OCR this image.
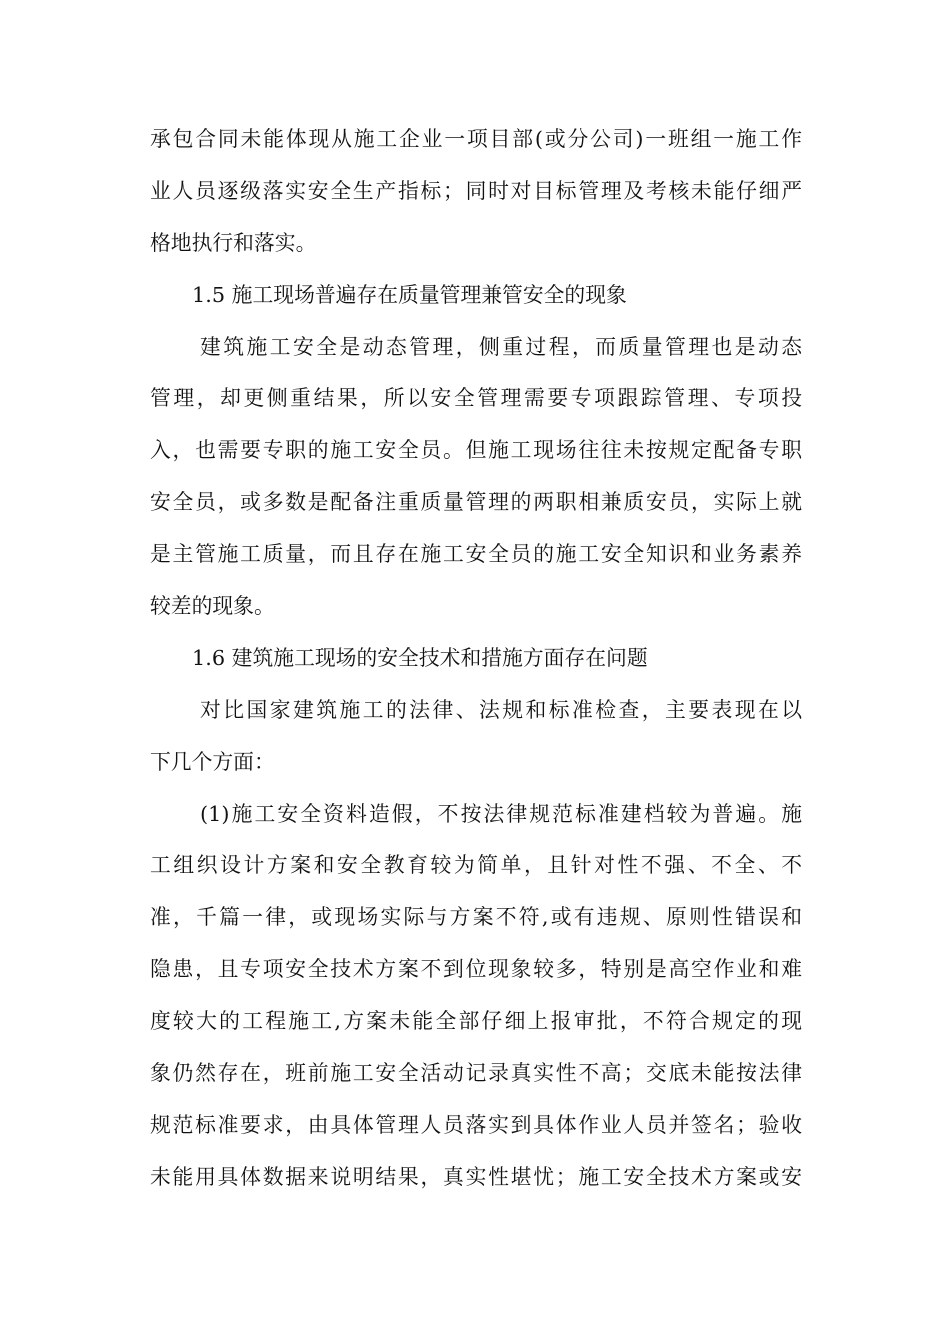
承包合同未能体现从施工企业一项目部(或分公司)一班组一施工作
业人员逐级落实安全生产指标；同时对目标管理及考核未能仔细严
格地执行和落实。
1.5 施工现场普遍存在质量管理兼管安全的现象
建筑施工安全是动态管理，侧重过程，而质量管理也是动态
管理，却更侧重结果，所以安全管理需要专项跟踪管理、专项投
入，也需要专职的施工安全员。但施工现场往往未按规定配备专职
安全员，或多数是配备注重质量管理的两职相兼质安员，实际上就
是主管施工质量，而且存在施工安全员的施工安全知识和业务素养
较差的现象。
1.6 建筑施工现场的安全技术和措施方面存在问题
对比国家建筑施工的法律、法规和标准检查，主要表现在以
下几个方面：
(1)施工安全资料造假，不按法律规范标准建档较为普遍。施
工组织设计方案和安全教育较为简单，且针对性不强、不全、不
准，千篇一律，或现场实际与方案不符,或有违规、原则性错误和
隐患，且专项安全技术方案不到位现象较多，特别是高空作业和难
度较大的工程施工,方案未能全部仔细上报审批，不符合规定的现
象仍然存在，班前施工安全活动记录真实性不高；交底未能按法律
规范标准要求，由具体管理人员落实到具体作业人员并签名；验收
未能用具体数据来说明结果，真实性堪忧；施工安全技术方案或安
